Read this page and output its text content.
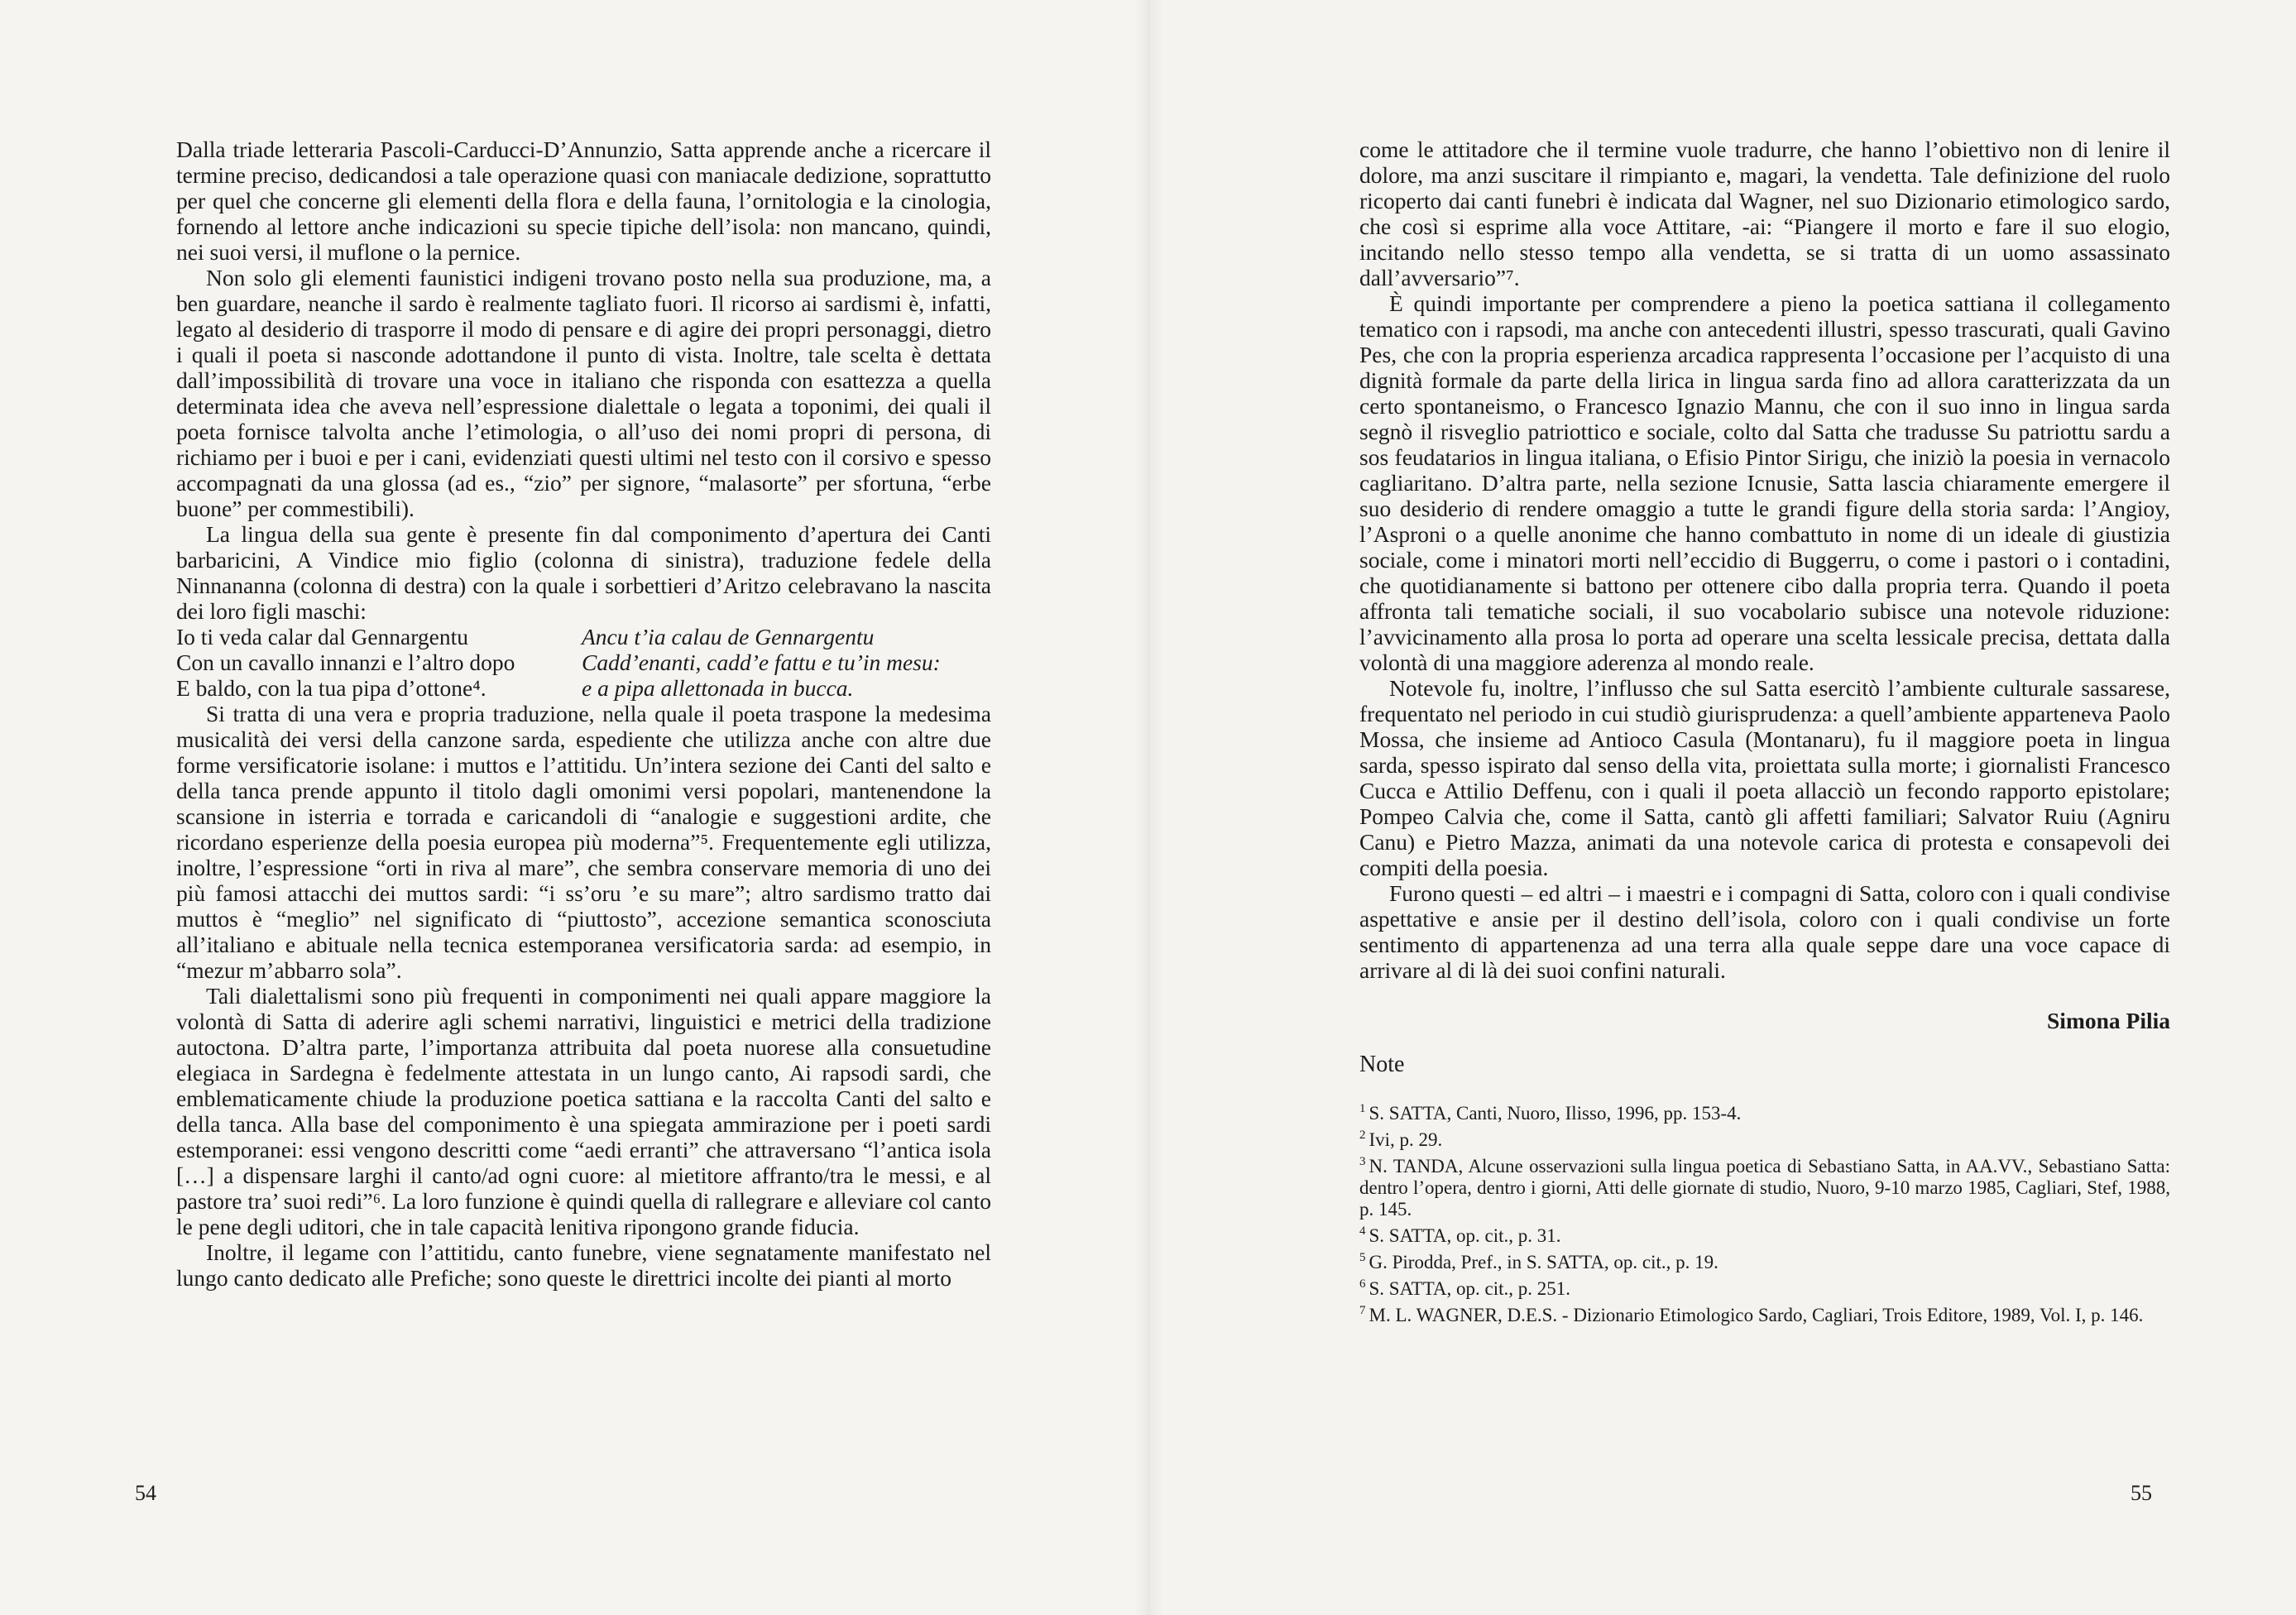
Dalla triade letteraria Pascoli-Carducci-D’Annunzio, Satta apprende anche a ricercare il termine preciso, dedicandosi a tale operazione quasi con maniacale dedizione, soprattutto per quel che concerne gli elementi della flora e della fauna, l’ornitologia e la cinologia, fornendo al lettore anche indicazioni su specie tipiche dell’isola: non mancano, quindi, nei suoi versi, il muflone o la pernice.

Non solo gli elementi faunistici indigeni trovano posto nella sua produzione, ma, a ben guardare, neanche il sardo è realmente tagliato fuori. Il ricorso ai sardismi è, infatti, legato al desiderio di trasporre il modo di pensare e di agire dei propri personaggi, dietro i quali il poeta si nasconde adottandone il punto di vista. Inoltre, tale scelta è dettata dall’impossibilità di trovare una voce in italiano che risponda con esattezza a quella determinata idea che aveva nell’espressione dialettale o legata a toponimi, dei quali il poeta fornisce talvolta anche l’etimologia, o all’uso dei nomi propri di persona, di richiamo per i buoi e per i cani, evidenziati questi ultimi nel testo con il corsivo e spesso accompagnati da una glossa (ad es., “zio” per signore, “malasorte” per sfortuna, “erbe buone” per commestibili).

La lingua della sua gente è presente fin dal componimento d’apertura dei Canti barbaricini, A Vindice mio figlio (colonna di sinistra), traduzione fedele della Ninnananna (colonna di destra) con la quale i sorbettieri d’Aritzo celebravano la nascita dei loro figli maschi:

Io ti veda calar dal Gennargentu	Ancu t’ia calau de Gennargentu
Con un cavallo innanzi e l’altro dopo	Cadd’enanti, cadd’e fattu e tu’in mesu:
E baldo, con la tua pipa d’ottone⁴.	e a pipa allettonada in bucca.

Si tratta di una vera e propria traduzione, nella quale il poeta traspone la medesima musicalità dei versi della canzone sarda, espediente che utilizza anche con altre due forme versificatorie isolane: i muttos e l’attitidu. Un’intera sezione dei Canti del salto e della tanca prende appunto il titolo dagli omonimi versi popolari, mantenendone la scansione in isterria e torrada e caricandoli di “analogie e suggestioni ardite, che ricordano esperienze della poesia europea più moderna”⁵. Frequentemente egli utilizza, inoltre, l’espressione “orti in riva al mare”, che sembra conservare memoria di uno dei più famosi attacchi dei muttos sardi: “i ss’oru ’e su mare”; altro sardismo tratto dai muttos è “meglio” nel significato di “piuttosto”, accezione semantica sconosciuta all’italiano e abituale nella tecnica estemporanea versificatoria sarda: ad esempio, in “mezur m’abbarro sola”.

Tali dialettalismi sono più frequenti in componimenti nei quali appare maggiore la volontà di Satta di aderire agli schemi narrativi, linguistici e metrici della tradizione autoctona. D’altra parte, l’importanza attribuita dal poeta nuorese alla consuetudine elegiaca in Sardegna è fedelmente attestata in un lungo canto, Ai rapsodi sardi, che emblematicamente chiude la produzione poetica sattiana e la raccolta Canti del salto e della tanca. Alla base del componimento è una spiegata ammirazione per i poeti sardi estemporanei: essi vengono descritti come “aedi erranti” che attraversano “l’antica isola […] a dispensare larghi il canto/ad ogni cuore: al mietitore affranto/tra le messi, e al pastore tra’ suoi redi”⁶. La loro funzione è quindi quella di rallegrare e alleviare col canto le pene degli uditori, che in tale capacità lenitiva ripongono grande fiducia.

Inoltre, il legame con l’attitidu, canto funebre, viene segnatamente manifestato nel lungo canto dedicato alle Prefiche; sono queste le direttrici incolte dei pianti al morto

54

come le attitadore che il termine vuole tradurre, che hanno l’obiettivo non di lenire il dolore, ma anzi suscitare il rimpianto e, magari, la vendetta. Tale definizione del ruolo ricoperto dai canti funebri è indicata dal Wagner, nel suo Dizionario etimologico sardo, che così si esprime alla voce Attitare, -ai: “Piangere il morto e fare il suo elogio, incitando nello stesso tempo alla vendetta, se si tratta di un uomo assassinato dall’avversario”⁷.

È quindi importante per comprendere a pieno la poetica sattiana il collegamento tematico con i rapsodi, ma anche con antecedenti illustri, spesso trascurati, quali Gavino Pes, che con la propria esperienza arcadica rappresenta l’occasione per l’acquisto di una dignità formale da parte della lirica in lingua sarda fino ad allora caratterizzata da un certo spontaneismo, o Francesco Ignazio Mannu, che con il suo inno in lingua sarda segnò il risveglio patriottico e sociale, colto dal Satta che tradusse Su patriottu sardu a sos feudatarios in lingua italiana, o Efisio Pintor Sirigu, che iniziò la poesia in vernacolo cagliaritano. D’altra parte, nella sezione Icnusie, Satta lascia chiaramente emergere il suo desiderio di rendere omaggio a tutte le grandi figure della storia sarda: l’Angioy, l’Aspronі o a quelle anonime che hanno combattuto in nome di un ideale di giustizia sociale, come i minatori morti nell’eccidio di Buggerru, o come i pastori o i contadini, che quotidianamente si battono per ottenere cibo dalla propria terra. Quando il poeta affronta tali tematiche sociali, il suo vocabolario subisce una notevole riduzione: l’avvicinamento alla prosa lo porta ad operare una scelta lessicale precisa, dettata dalla volontà di una maggiore aderenza al mondo reale.

Notevole fu, inoltre, l’influsso che sul Satta esercitò l’ambiente culturale sassarese, frequentato nel periodo in cui studiò giurisprudenza: a quell’ambiente apparteneva Paolo Mossa, che insieme ad Antioco Casula (Montanaru), fu il maggiore poeta in lingua sarda, spesso ispirato dal senso della vita, proiettata sulla morte; i giornalisti Francesco Cucca e Attilio Deffenu, con i quali il poeta allacciò un fecondo rapporto epistolare; Pompeo Calvia che, come il Satta, cantò gli affetti familiari; Salvator Ruiu (Agniru Canu) e Pietro Mazza, animati da una notevole carica di protesta e consapevoli dei compiti della poesia.

Furono questi – ed altri – i maestri e i compagni di Satta, coloro con i quali condivise aspettative e ansie per il destino dell’isola, coloro con i quali condivise un forte sentimento di appartenenza ad una terra alla quale seppe dare una voce capace di arrivare al di là dei suoi confini naturali.

Simona Pilia
Note

$^1$ S. SATTA, Canti, Nuoro, Ilisso, 1996, pp. 153-4.

$^2$ Ivi, p. 29.

$^3$ N. TANDA, Alcune osservazioni sulla lingua poetica di Sebastiano Satta, in AA.VV., Sebastiano Satta: dentro l’opera, dentro i giorni, Atti delle giornate di studio, Nuoro, 9-10 marzo 1985, Cagliari, Stef, 1988, p. 145.

$^4$ S. SATTA, op. cit., p. 31.

$^5$ G. Pirodda, Pref., in S. SATTA, op. cit., p. 19.

$^6$ S. SATTA, op. cit., p. 251.

$^7$ M. L. WAGNER, D.E.S. - Dizionario Etimologico Sardo, Cagliari, Trois Editore, 1989, Vol. I, p. 146.

55
